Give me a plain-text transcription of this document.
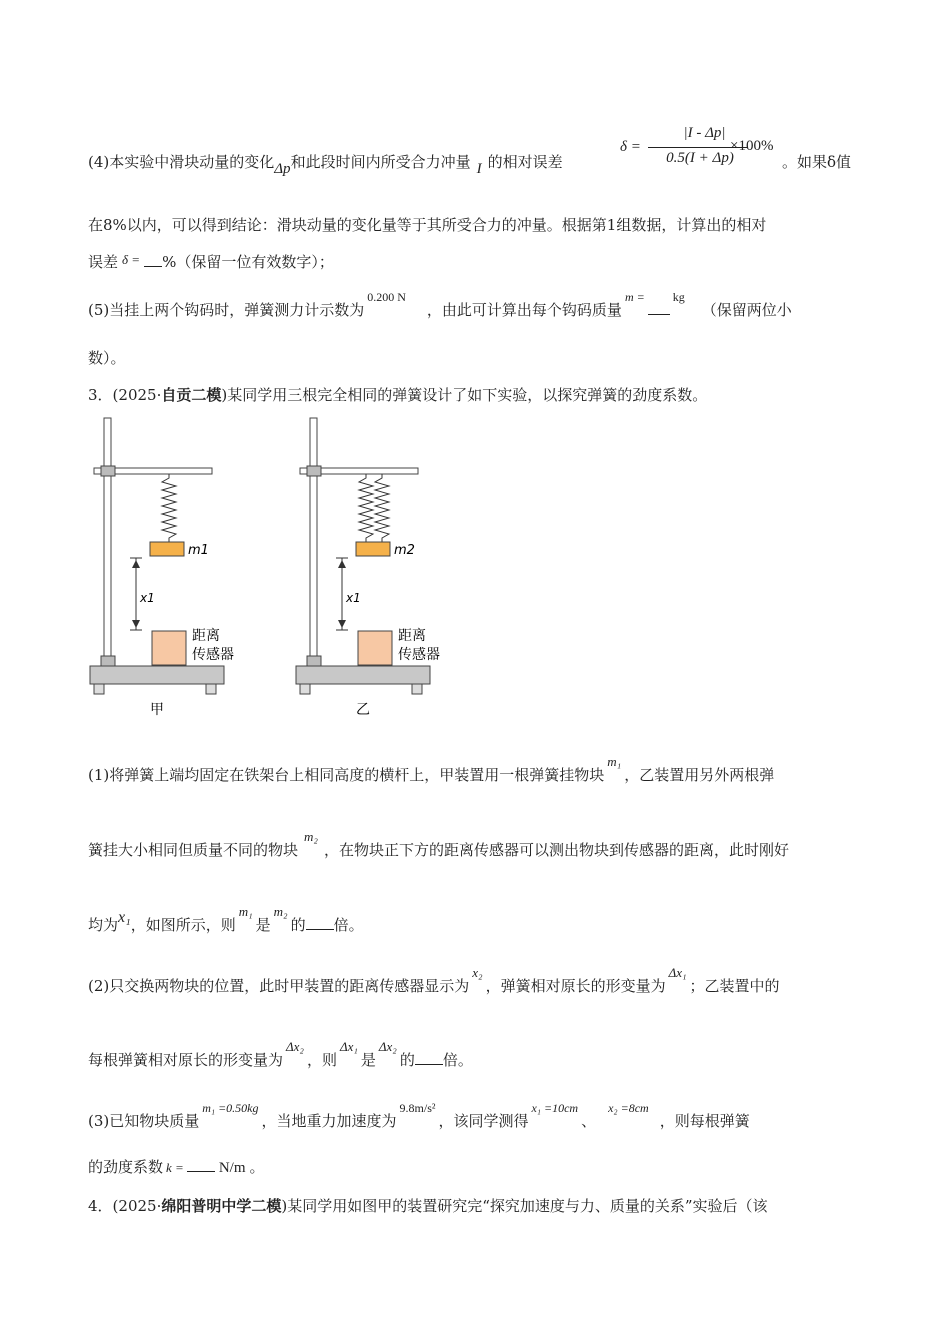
(4)本实验中滑块动量的变化Δp和此段时间内所受合力冲量 I 的相对误差
δ =
|I - Δp|
0.5(I + Δp)
×100%
。如果δ值
在8%以内，可以得到结论：滑块动量的变化量等于其所受合力的冲量。根据第1组数据，计算出的相对
误差 δ = %（保留一位有效数字）；
(5)当挂上两个钩码时，弹簧测力计示数为$^{0.200 N}$，由此可计算出每个钩码质量$^{m =}$ $^{kg}$（保留两位小
数）。
3．(2025·自贡二模)某同学用三根完全相同的弹簧设计了如下实验，以探究弹簧的劲度系数。
m1
x1
距离
传感器
甲
m2
x1
距离
传感器
乙
(1)将弹簧上端均固定在铁架台上相同高度的横杆上，甲装置用一根弹簧挂物块m₁，乙装置用另外两根弹
簧挂大小相同但质量不同的物块m₂，在物块正下方的距离传感器可以测出物块到传感器的距离，此时刚好
均为x₁，如图所示，则m₁是m₂的 倍。
(2)只交换两物块的位置，此时甲装置的距离传感器显示为x₂，弹簧相对原长的形变量为Δx₁；乙装置中的
每根弹簧相对原长的形变量为Δx₂，则Δx₁是Δx₂的 倍。
(3)已知物块质量$^{m_1 =0.50kg}$，当地重力加速度为$^{9.8m/s^2}$，该同学测得$^{x_1 =10cm}$、$^{x_2 =8cm}$，则每根弹簧
的劲度系数 k = N/m 。
4．(2025·绵阳普明中学二模)某同学用如图甲的装置研究完“探究加速度与力、质量的关系”实验后（该
